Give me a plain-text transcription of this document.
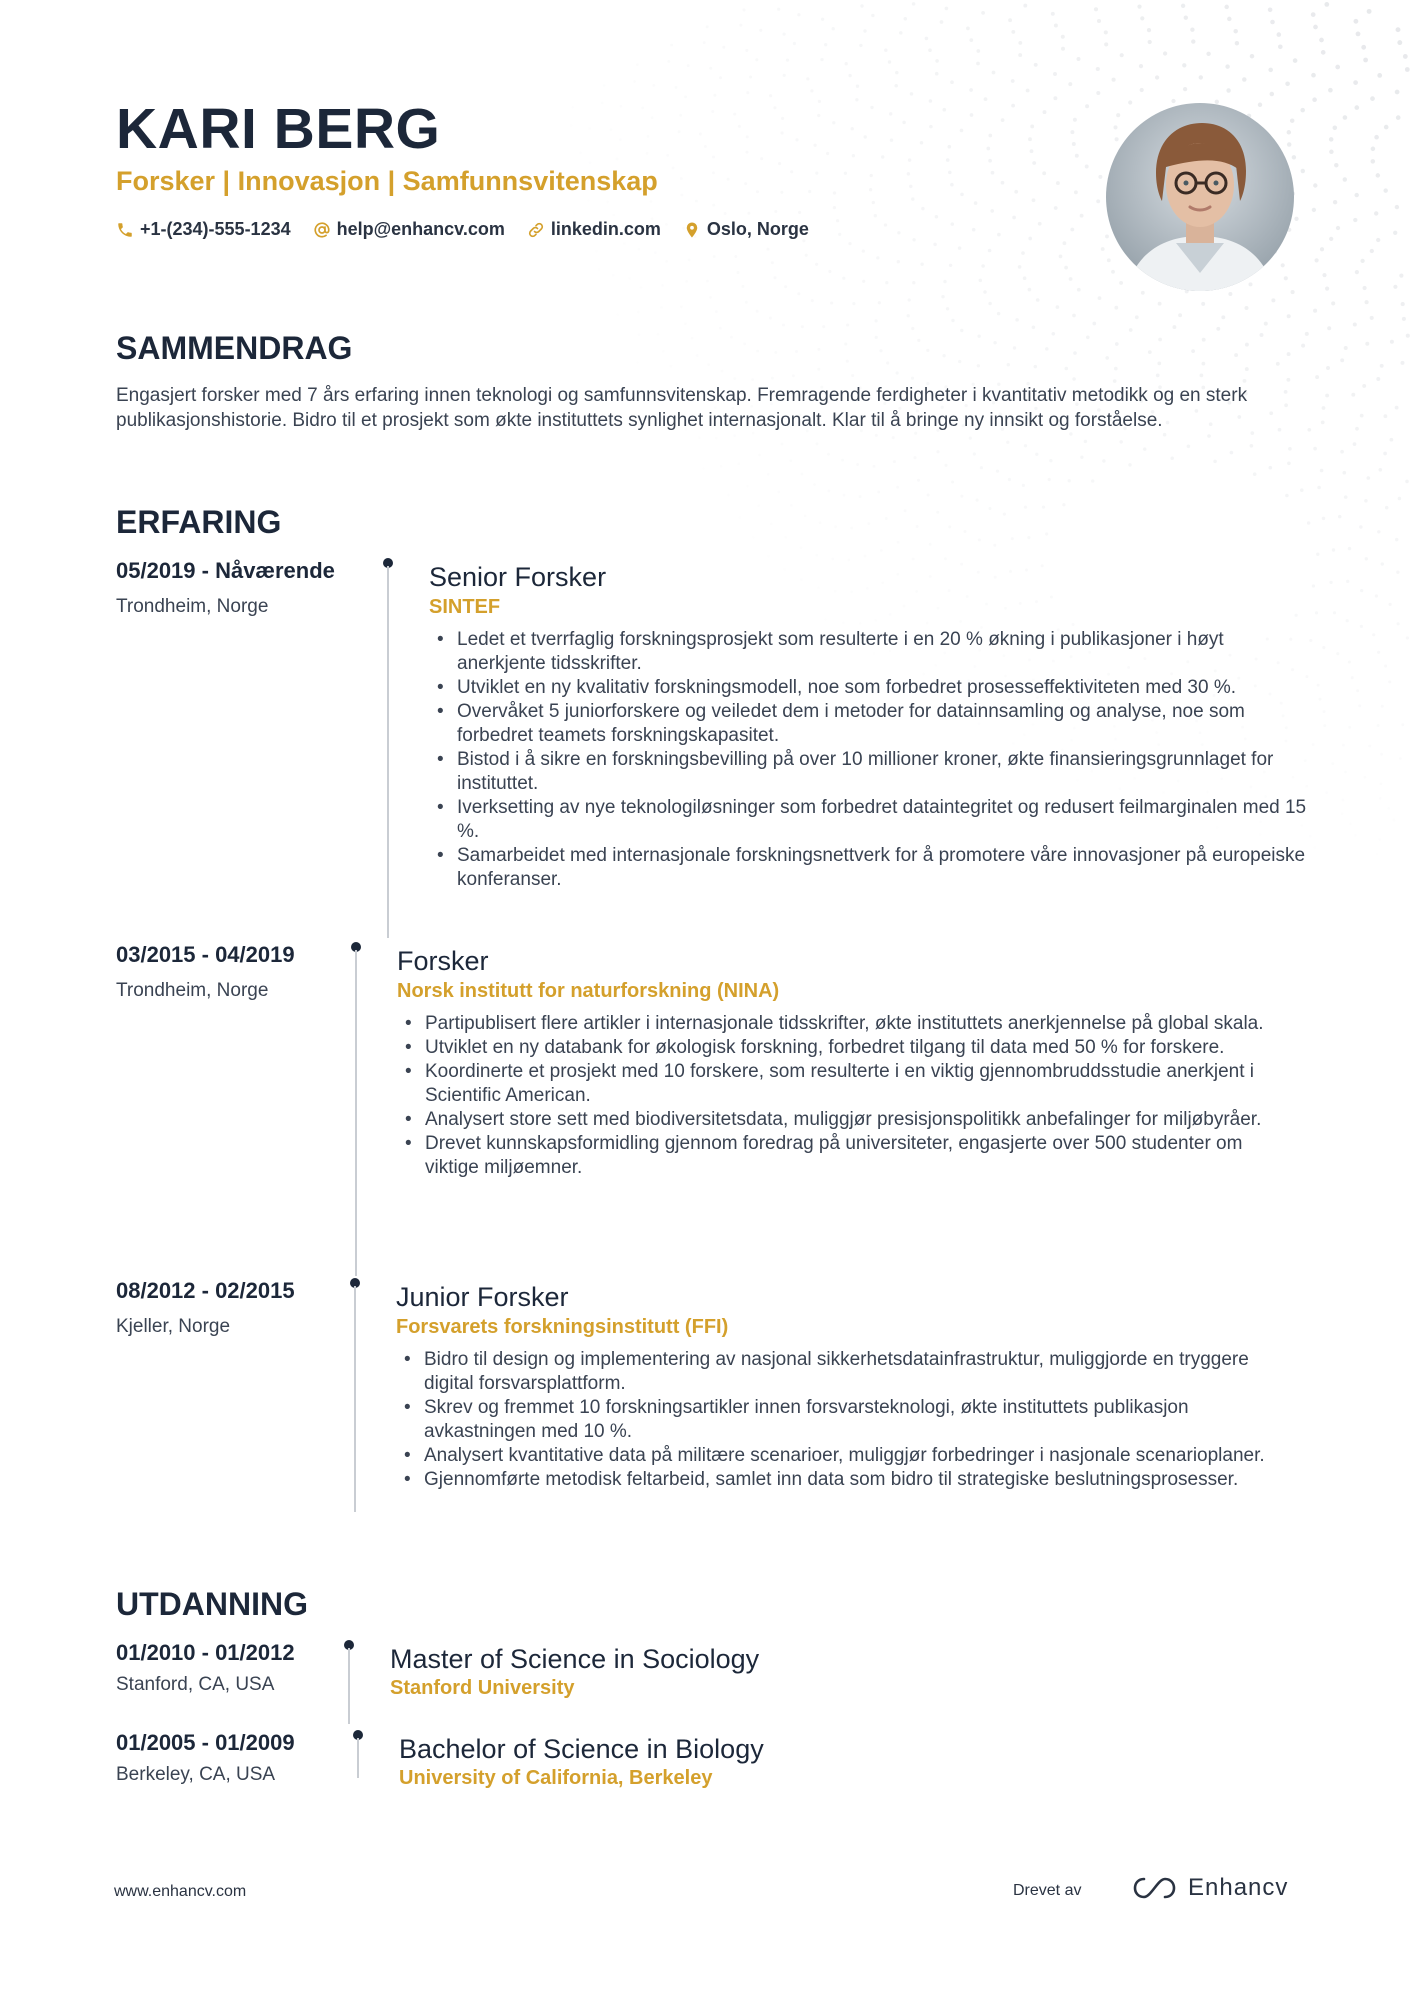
KARI BERG
Forsker | Innovasjon | Samfunnsvitenskap
+1-(234)-555-1234	help@enhancv.com	linkedin.com	Oslo, Norge
SAMMENDRAG
Engasjert forsker med 7 års erfaring innen teknologi og samfunnsvitenskap. Fremragende ferdigheter i kvantitativ metodikk og en sterk publikasjonshistorie. Bidro til et prosjekt som økte instituttets synlighet internasjonalt. Klar til å bringe ny innsikt og forståelse.
ERFARING
05/2019 - Nåværende
Trondheim, Norge
Senior Forsker
SINTEF
• Ledet et tverrfaglig forskningsprosjekt som resulterte i en 20 % økning i publikasjoner i høyt anerkjente tidsskrifter.
• Utviklet en ny kvalitativ forskningsmodell, noe som forbedret prosesseffektiviteten med 30 %.
• Overvåket 5 juniorforskere og veiledet dem i metoder for datainnsamling og analyse, noe som forbedret teamets forskningskapasitet.
• Bistod i å sikre en forskningsbevilling på over 10 millioner kroner, økte finansieringsgrunnlaget for instituttet.
• Iverksetting av nye teknologiløsninger som forbedret dataintegritet og redusert feilmarginalen med 15 %.
• Samarbeidet med internasjonale forskningsnettverk for å promotere våre innovasjoner på europeiske konferanser.
03/2015 - 04/2019
Trondheim, Norge
Forsker
Norsk institutt for naturforskning (NINA)
• Partipublisert flere artikler i internasjonale tidsskrifter, økte instituttets anerkjennelse på global skala.
• Utviklet en ny databank for økologisk forskning, forbedret tilgang til data med 50 % for forskere.
• Koordinerte et prosjekt med 10 forskere, som resulterte i en viktig gjennombruddsstudie anerkjent i Scientific American.
• Analysert store sett med biodiversitetsdata, muliggjør presisjonspolitikk anbefalinger for miljøbyråer.
• Drevet kunnskapsformidling gjennom foredrag på universiteter, engasjerte over 500 studenter om viktige miljøemner.
08/2012 - 02/2015
Kjeller, Norge
Junior Forsker
Forsvarets forskningsinstitutt (FFI)
• Bidro til design og implementering av nasjonal sikkerhetsdatainfrastruktur, muliggjorde en tryggere digital forsvarsplattform.
• Skrev og fremmet 10 forskningsartikler innen forsvarsteknologi, økte instituttets publikasjon avkastningen med 10 %.
• Analysert kvantitative data på militære scenarioer, muliggjør forbedringer i nasjonale scenarioplaner.
• Gjennomførte metodisk feltarbeid, samlet inn data som bidro til strategiske beslutningsprosesser.
UTDANNING
01/2010 - 01/2012
Stanford, CA, USA
Master of Science in Sociology
Stanford University
01/2005 - 01/2009
Berkeley, CA, USA
Bachelor of Science in Biology
University of California, Berkeley
www.enhancv.com	Drevet av	Enhancv
